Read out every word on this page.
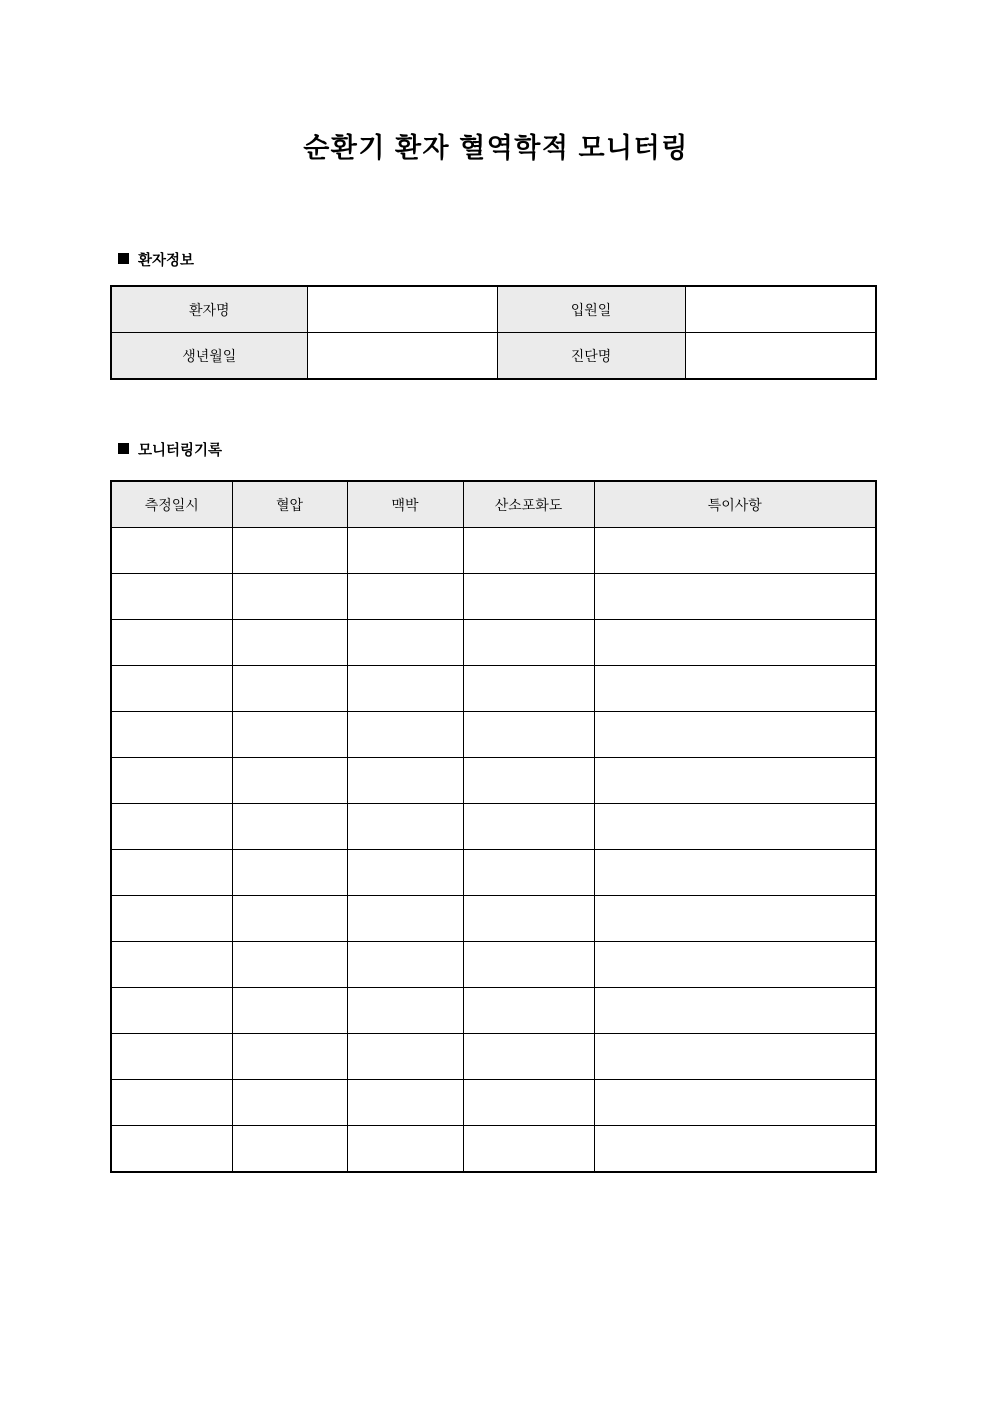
순환기 환자 혈역학적 모니터링
환자정보
환자명		입원일	
생년월일		진단명	
모니터링기록
측정일시	혈압	맥박	산소포화도	특이사항
